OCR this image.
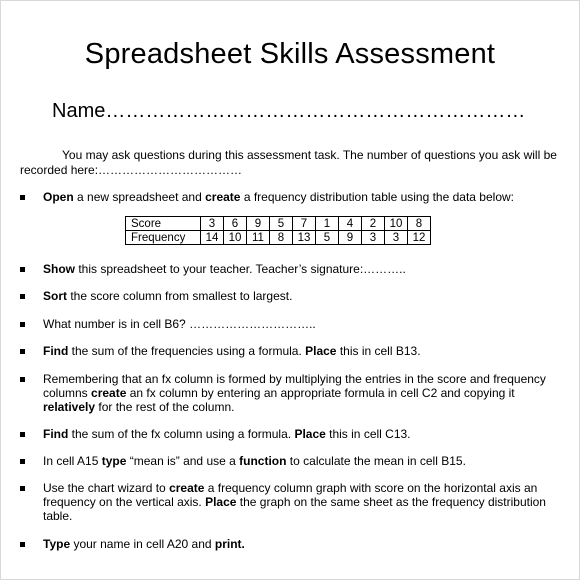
Spreadsheet Skills Assessment
Name………………………………………………………
You may ask questions during this assessment task. The number of questions you ask will be recorded here:………………………………
Open a new spreadsheet and create a frequency distribution table using the data below:
Score	3	6	9	5	7	1	4	2	10	8
Frequency	14	10	11	8	13	5	9	3	3	12
Show this spreadsheet to your teacher. Teacher’s signature:………..
Sort the score column from smallest to largest.
What number is in cell B6? …………………………..
Find the sum of the frequencies using a formula. Place this in cell B13.
Remembering that an fx column is formed by multiplying the entries in the score and frequency columns create an fx column by entering an appropriate formula in cell C2 and copying it relatively for the rest of the column.
Find the sum of the fx column using a formula. Place this in cell C13.
In cell A15 type “mean is” and use a function to calculate the mean in cell B15.
Use the chart wizard to create a frequency column graph with score on the horizontal axis an frequency on the vertical axis. Place the graph on the same sheet as the frequency distribution table.
Type your name in cell A20 and print.
